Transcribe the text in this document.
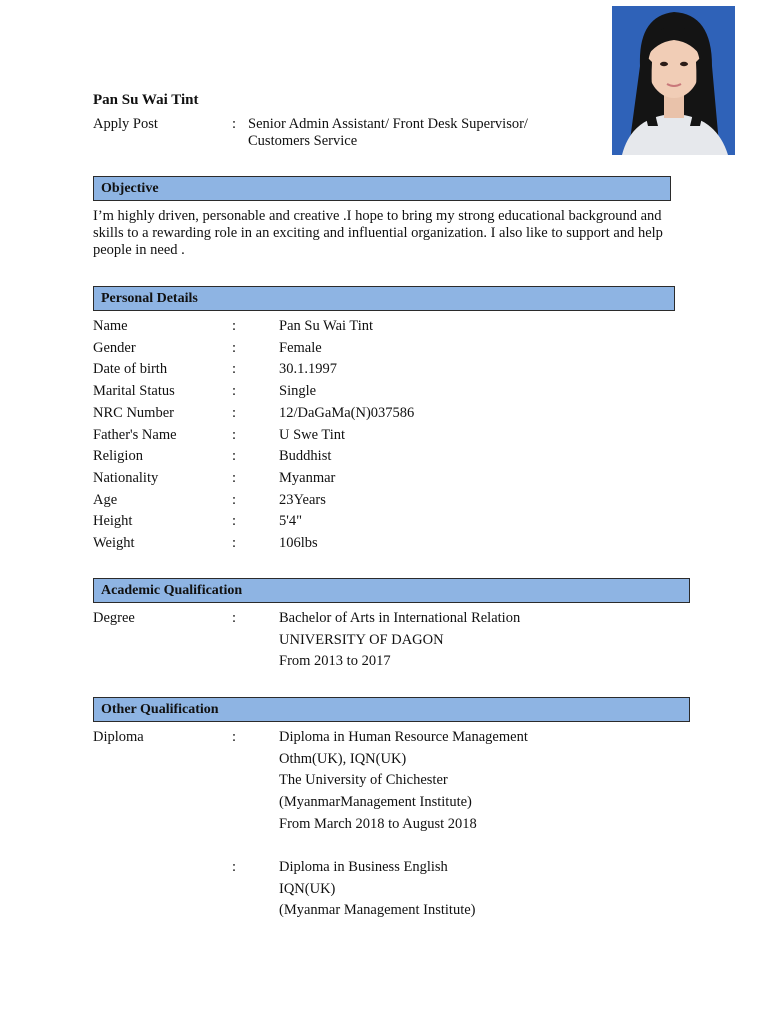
Pan Su Wai Tint
Apply Post	: Senior Admin Assistant/ Front Desk Supervisor/
Customers Service
Objective
I’m highly driven, personable and creative .I hope to bring my strong educational background and skills to a rewarding role in an exciting and influential organization. I also like to support and help people in need .
Personal Details
Name	:	Pan Su Wai Tint
Gender	:	Female
Date of birth	:	30.1.1997
Marital Status	:	Single
NRC Number	:	12/DaGaMa(N)037586
Father's Name	:	U Swe Tint
Religion	:	Buddhist
Nationality	:	Myanmar
Age	:	23Years
Height	:	5'4"
Weight	:	106lbs
Academic Qualification
Degree	:	Bachelor of Arts in International Relation
UNIVERSITY OF DAGON
From 2013 to 2017
Other Qualification
Diploma	:	Diploma in Human Resource Management
Othm(UK), IQN(UK)
The University of Chichester
(MyanmarManagement Institute)
From March 2018 to August 2018
:	Diploma in Business English
IQN(UK)
(Myanmar Management Institute)
